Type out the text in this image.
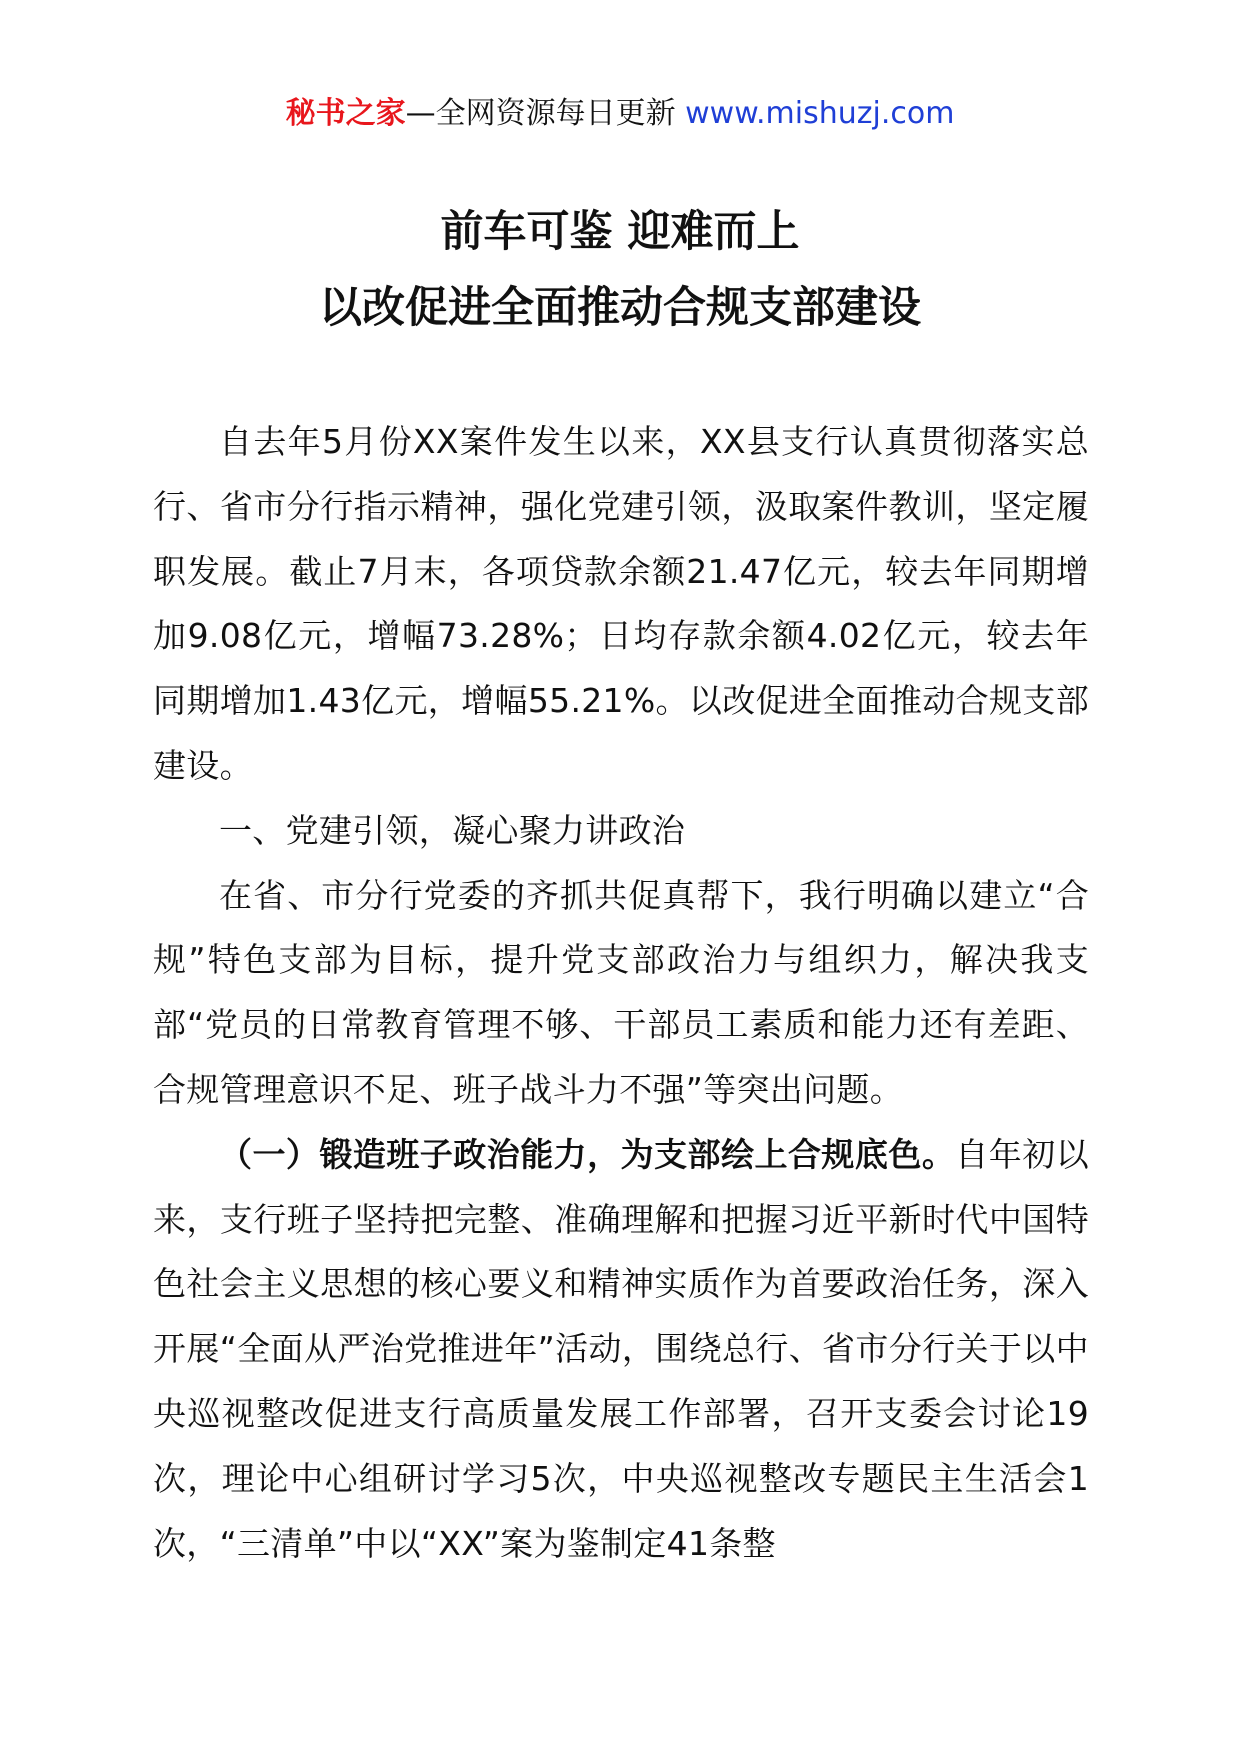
秘书之家—全网资源每日更新 www.mishuzj.com
前车可鉴 迎难而上
以改促进全面推动合规支部建设

自去年5月份XX案件发生以来，XX县支行认真贯彻落实总行、省市分行指示精神，强化党建引领，汲取案件教训，坚定履职发展。截止7月末，各项贷款余额21.47亿元，较去年同期增加9.08亿元，增幅73.28%；日均存款余额4.02亿元，较去年同期增加1.43亿元，增幅55.21%。以改促进全面推动合规支部建设。

一、党建引领，凝心聚力讲政治

在省、市分行党委的齐抓共促真帮下，我行明确以建立“合规”特色支部为目标，提升党支部政治力与组织力，解决我支部“党员的日常教育管理不够、干部员工素质和能力还有差距、合规管理意识不足、班子战斗力不强”等突出问题。

（一）锻造班子政治能力，为支部绘上合规底色。自年初以来，支行班子坚持把完整、准确理解和把握习近平新时代中国特色社会主义思想的核心要义和精神实质作为首要政治任务，深入开展“全面从严治党推进年”活动，围绕总行、省市分行关于以中央巡视整改促进支行高质量发展工作部署，召开支委会讨论19次，理论中心组研讨学习5次，中央巡视整改专题民主生活会1次，“三清单”中以“XX”案为鉴制定41条整
